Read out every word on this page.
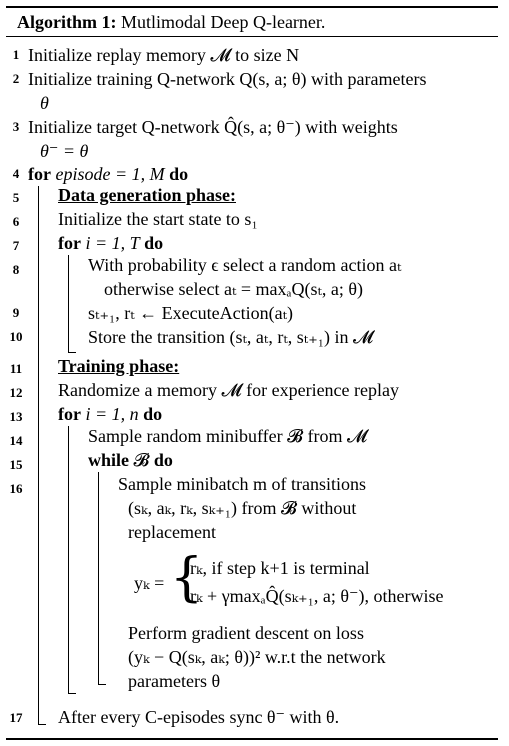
Algorithm 1: Mutlimodal Deep Q-learner.
1
2
3
4
5
6
7
8
9
10
11
12
13
14
15
16
17
Initialize replay memory 𝓜 to size N
Initialize training Q-network Q(s, a; θ) with parameters
θ
Initialize target Q-network Q̂(s, a; θ⁻) with weights
θ⁻ = θ
for episode = 1, M do
Data generation phase:
Initialize the start state to s₁
for i = 1, T do
With probability ϵ select a random action aₜ
otherwise select aₜ = maxₐQ(sₜ, a; θ)
sₜ₊₁, rₜ ← ExecuteAction(aₜ)
Store the transition (sₜ, aₜ, rₜ, sₜ₊₁) in 𝓜
Training phase:
Randomize a memory 𝓜 for experience replay
for i = 1, n do
Sample random minibuffer 𝓑 from 𝓜
while 𝓑 do
Sample minibatch m of transitions
(sₖ, aₖ, rₖ, sₖ₊₁) from 𝓑 without
replacement
yₖ = {
rₖ, if step k+1 is terminal
rₖ + γmaxₐQ̂(sₖ₊₁, a; θ⁻), otherwise
Perform gradient descent on loss
(yₖ − Q(sₖ, aₖ; θ))² w.r.t the network
parameters θ
After every C-episodes sync θ⁻ with θ.
